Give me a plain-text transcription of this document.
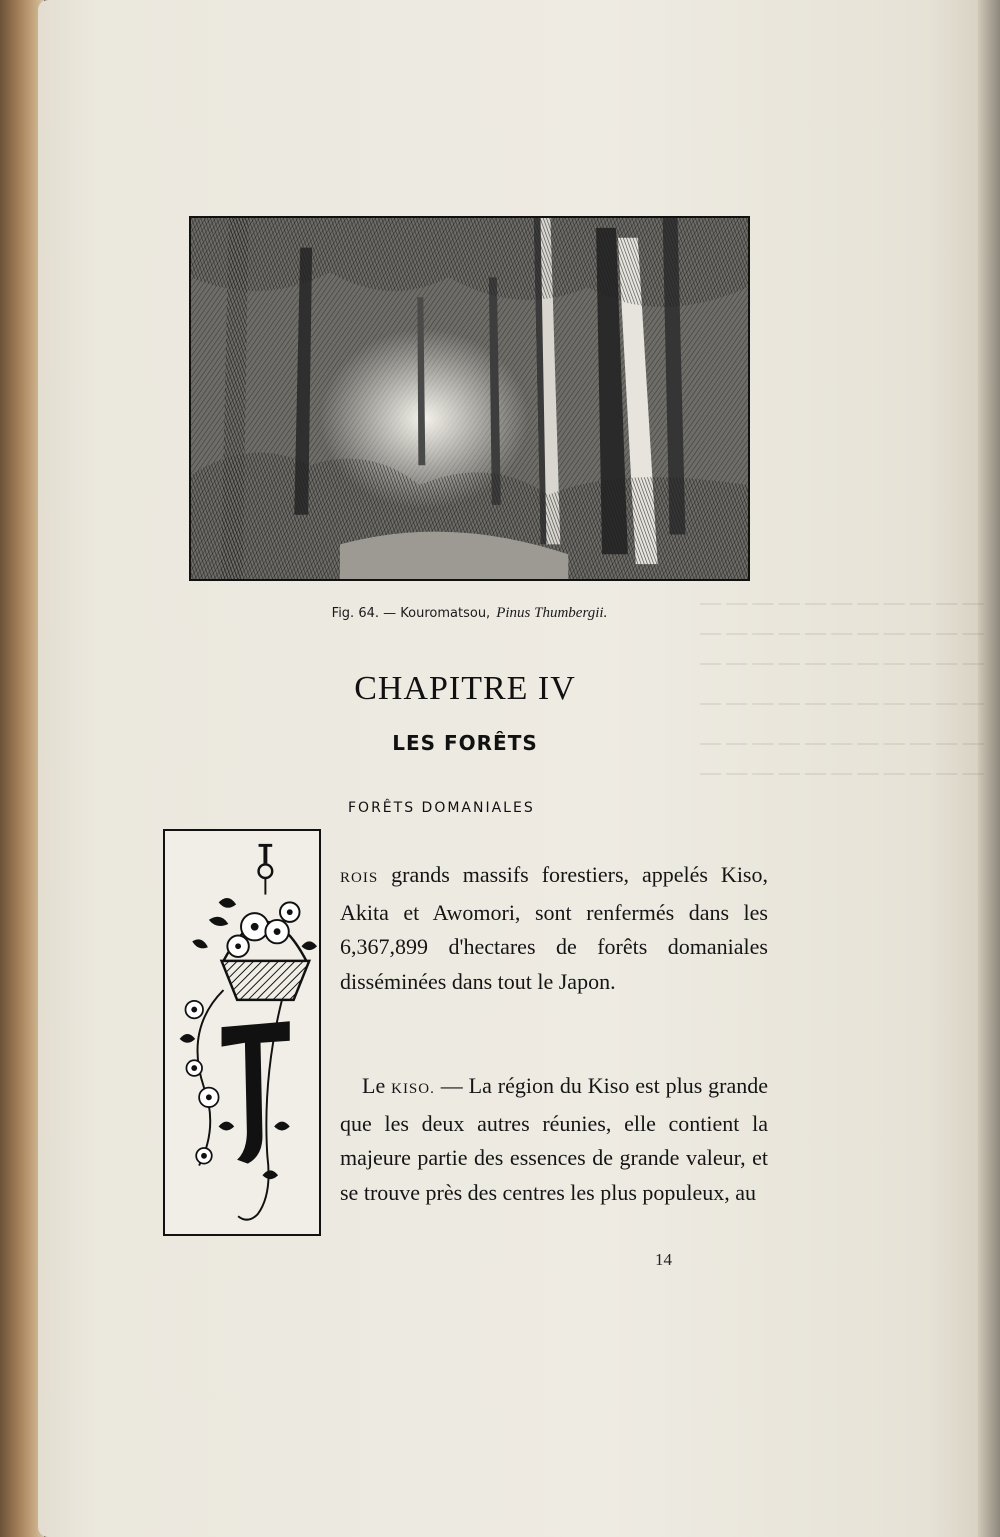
— — — — — — — — — — —
— — — — — — — — — — —
— — — — — — — — — — —
— — — — — — — — — — —
— — — — — — — — — — —
— — — — — — — — — — —
Fig. 64. — Kouromatsou, Pinus Thumbergii.
CHAPITRE IV
LES FORÊTS
FORÊTS DOMANIALES
ROIS grands massifs forestiers, appelés Kiso, Akita et Awomori, sont renfermés dans les 6,367,899 d'hectares de forêts domaniales disséminées dans tout le Japon.
Le KISO. — La région du Kiso est plus grande que les deux autres réunies, elle contient la majeure partie des essences de grande valeur, et se trouve près des centres les plus populeux, au
14
